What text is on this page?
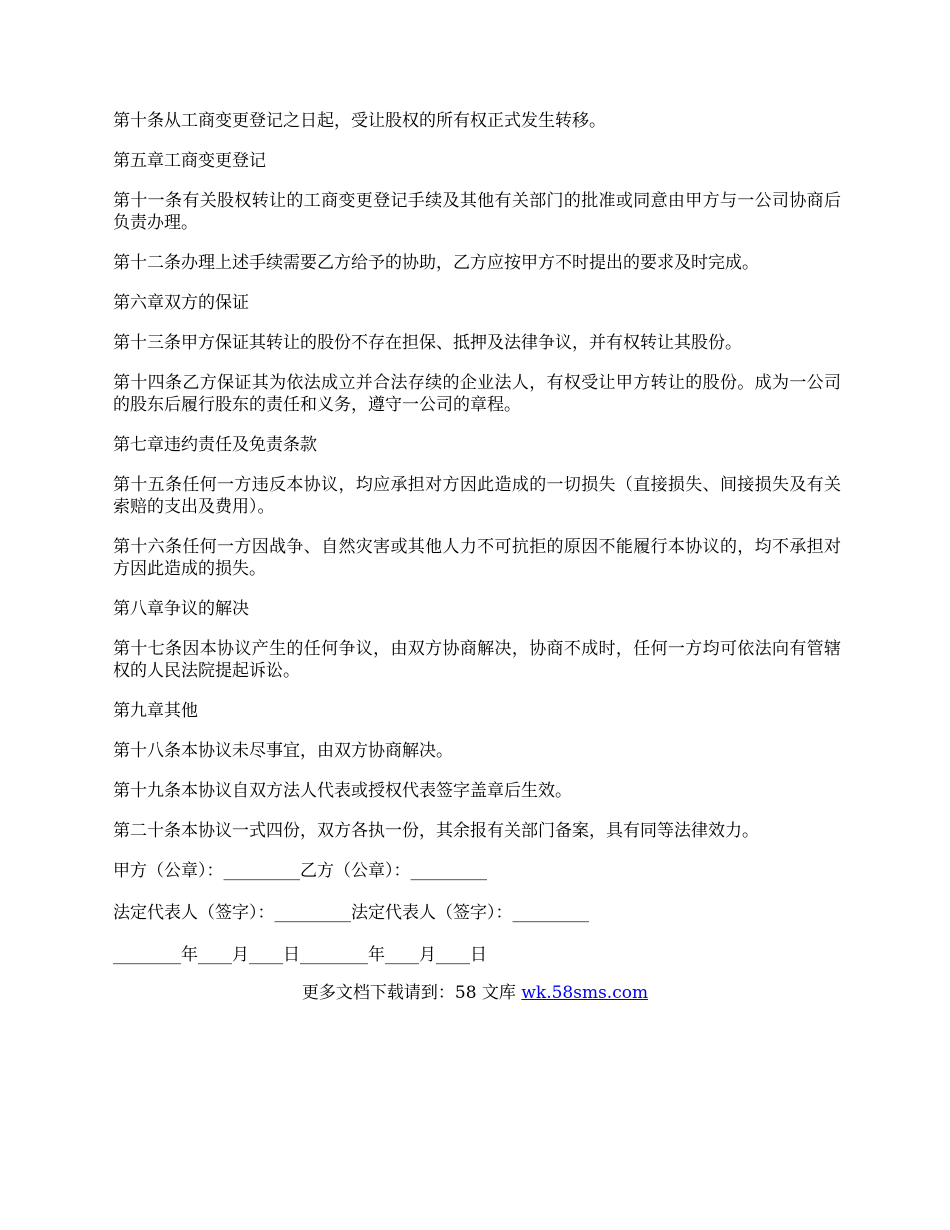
第十条从工商变更登记之日起，受让股权的所有权正式发生转移。

第五章工商变更登记

第十一条有关股权转让的工商变更登记手续及其他有关部门的批准或同意由甲方与一公司协商后负责办理。

第十二条办理上述手续需要乙方给予的协助，乙方应按甲方不时提出的要求及时完成。

第六章双方的保证

第十三条甲方保证其转让的股份不存在担保、抵押及法律争议，并有权转让其股份。

第十四条乙方保证其为依法成立并合法存续的企业法人，有权受让甲方转让的股份。成为一公司的股东后履行股东的责任和义务，遵守一公司的章程。

第七章违约责任及免责条款

第十五条任何一方违反本协议，均应承担对方因此造成的一切损失（直接损失、间接损失及有关索赔的支出及费用）。

第十六条任何一方因战争、自然灾害或其他人力不可抗拒的原因不能履行本协议的，均不承担对方因此造成的损失。

第八章争议的解决

第十七条因本协议产生的任何争议，由双方协商解决，协商不成时，任何一方均可依法向有管辖权的人民法院提起诉讼。

第九章其他

第十八条本协议未尽事宜，由双方协商解决。

第十九条本协议自双方法人代表或授权代表签字盖章后生效。

第二十条本协议一式四份，双方各执一份，其余报有关部门备案，具有同等法律效力。

甲方（公章）：_________乙方（公章）：_________
法定代表人（签字）：_________法定代表人（签字）：_________
________年____月____日________年____月____日
更多文档下载请到：58 文库 wk.58sms.com
